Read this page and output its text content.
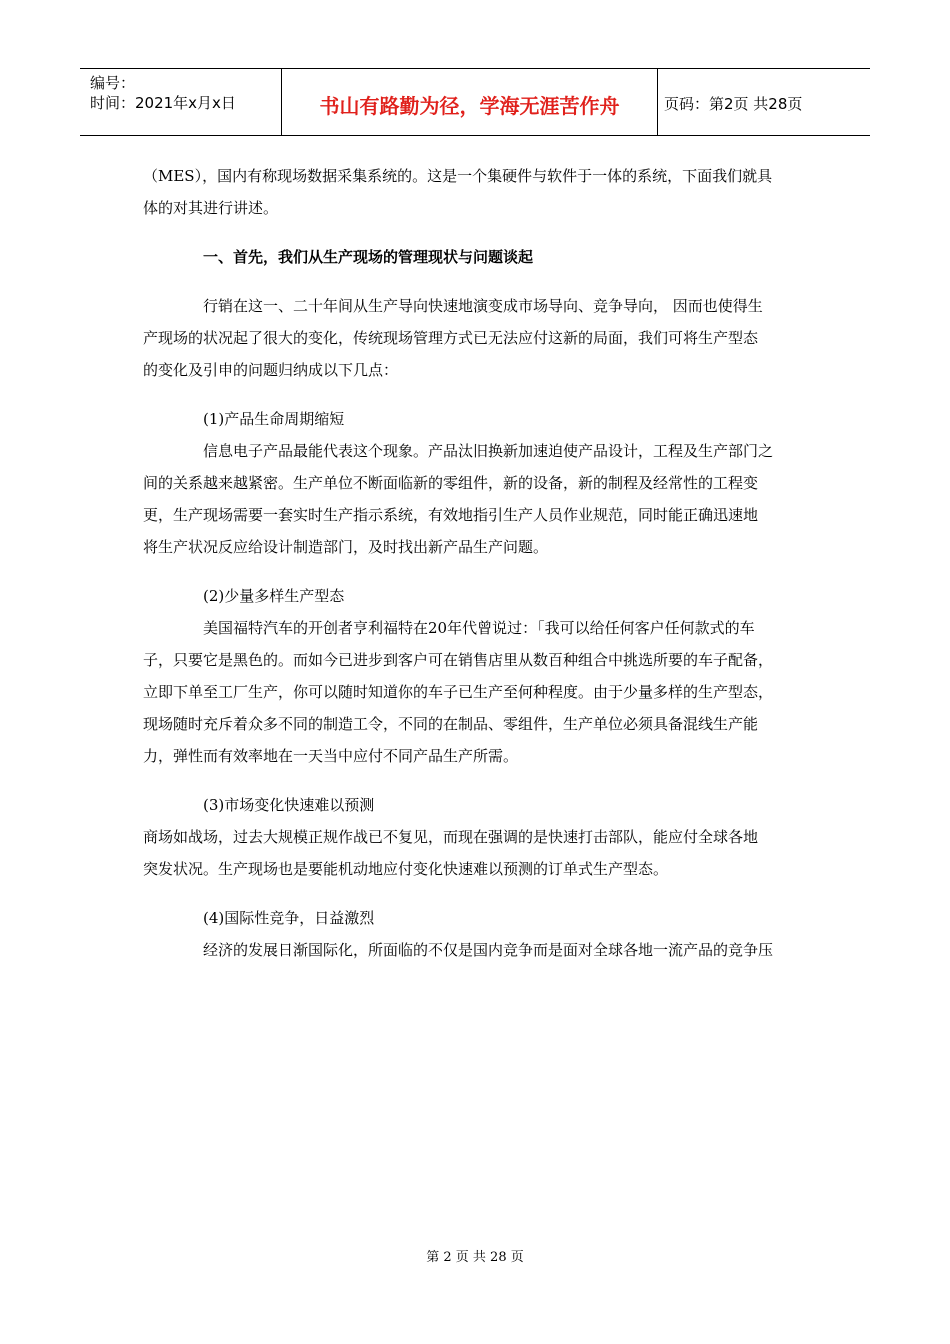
编号：
时间：2021年x月x日	书山有路勤为径，学海无涯苦作舟	页码：第2页 共28页
（MES），国内有称现场数据采集系统的。这是一个集硬件与软件于一体的系统，下面我们就具
体的对其进行讲述。
一、首先，我们从生产现场的管理现状与问题谈起
行销在这一、二十年间从生产导向快速地演变成市场导向、竞争导向， 因而也使得生
产现场的状况起了很大的变化，传统现场管理方式已无法应付这新的局面，我们可将生产型态
的变化及引申的问题归纳成以下几点：
(1)产品生命周期缩短
信息电子产品最能代表这个现象。产品汰旧换新加速迫使产品设计，工程及生产部门之
间的关系越来越紧密。生产单位不断面临新的零组件，新的设备，新的制程及经常性的工程变
更，生产现场需要一套实时生产指示系统，有效地指引生产人员作业规范，同时能正确迅速地
将生产状况反应给设计制造部门，及时找出新产品生产问题。
(2)少量多样生产型态
美国福特汽车的开创者亨利福特在20年代曾说过：「我可以给任何客户任何款式的车
子，只要它是黑色的。而如今已进步到客户可在销售店里从数百种组合中挑选所要的车子配备，
立即下单至工厂生产，你可以随时知道你的车子已生产至何种程度。由于少量多样的生产型态，
现场随时充斥着众多不同的制造工令，不同的在制品、零组件，生产单位必须具备混线生产能
力，弹性而有效率地在一天当中应付不同产品生产所需。
(3)市场变化快速难以预测
商场如战场，过去大规模正规作战已不复见，而现在强调的是快速打击部队，能应付全球各地
突发状况。生产现场也是要能机动地应付变化快速难以预测的订单式生产型态。
(4)国际性竞争，日益激烈
经济的发展日渐国际化，所面临的不仅是国内竞争而是面对全球各地一流产品的竞争压
第 2 页 共 28 页
